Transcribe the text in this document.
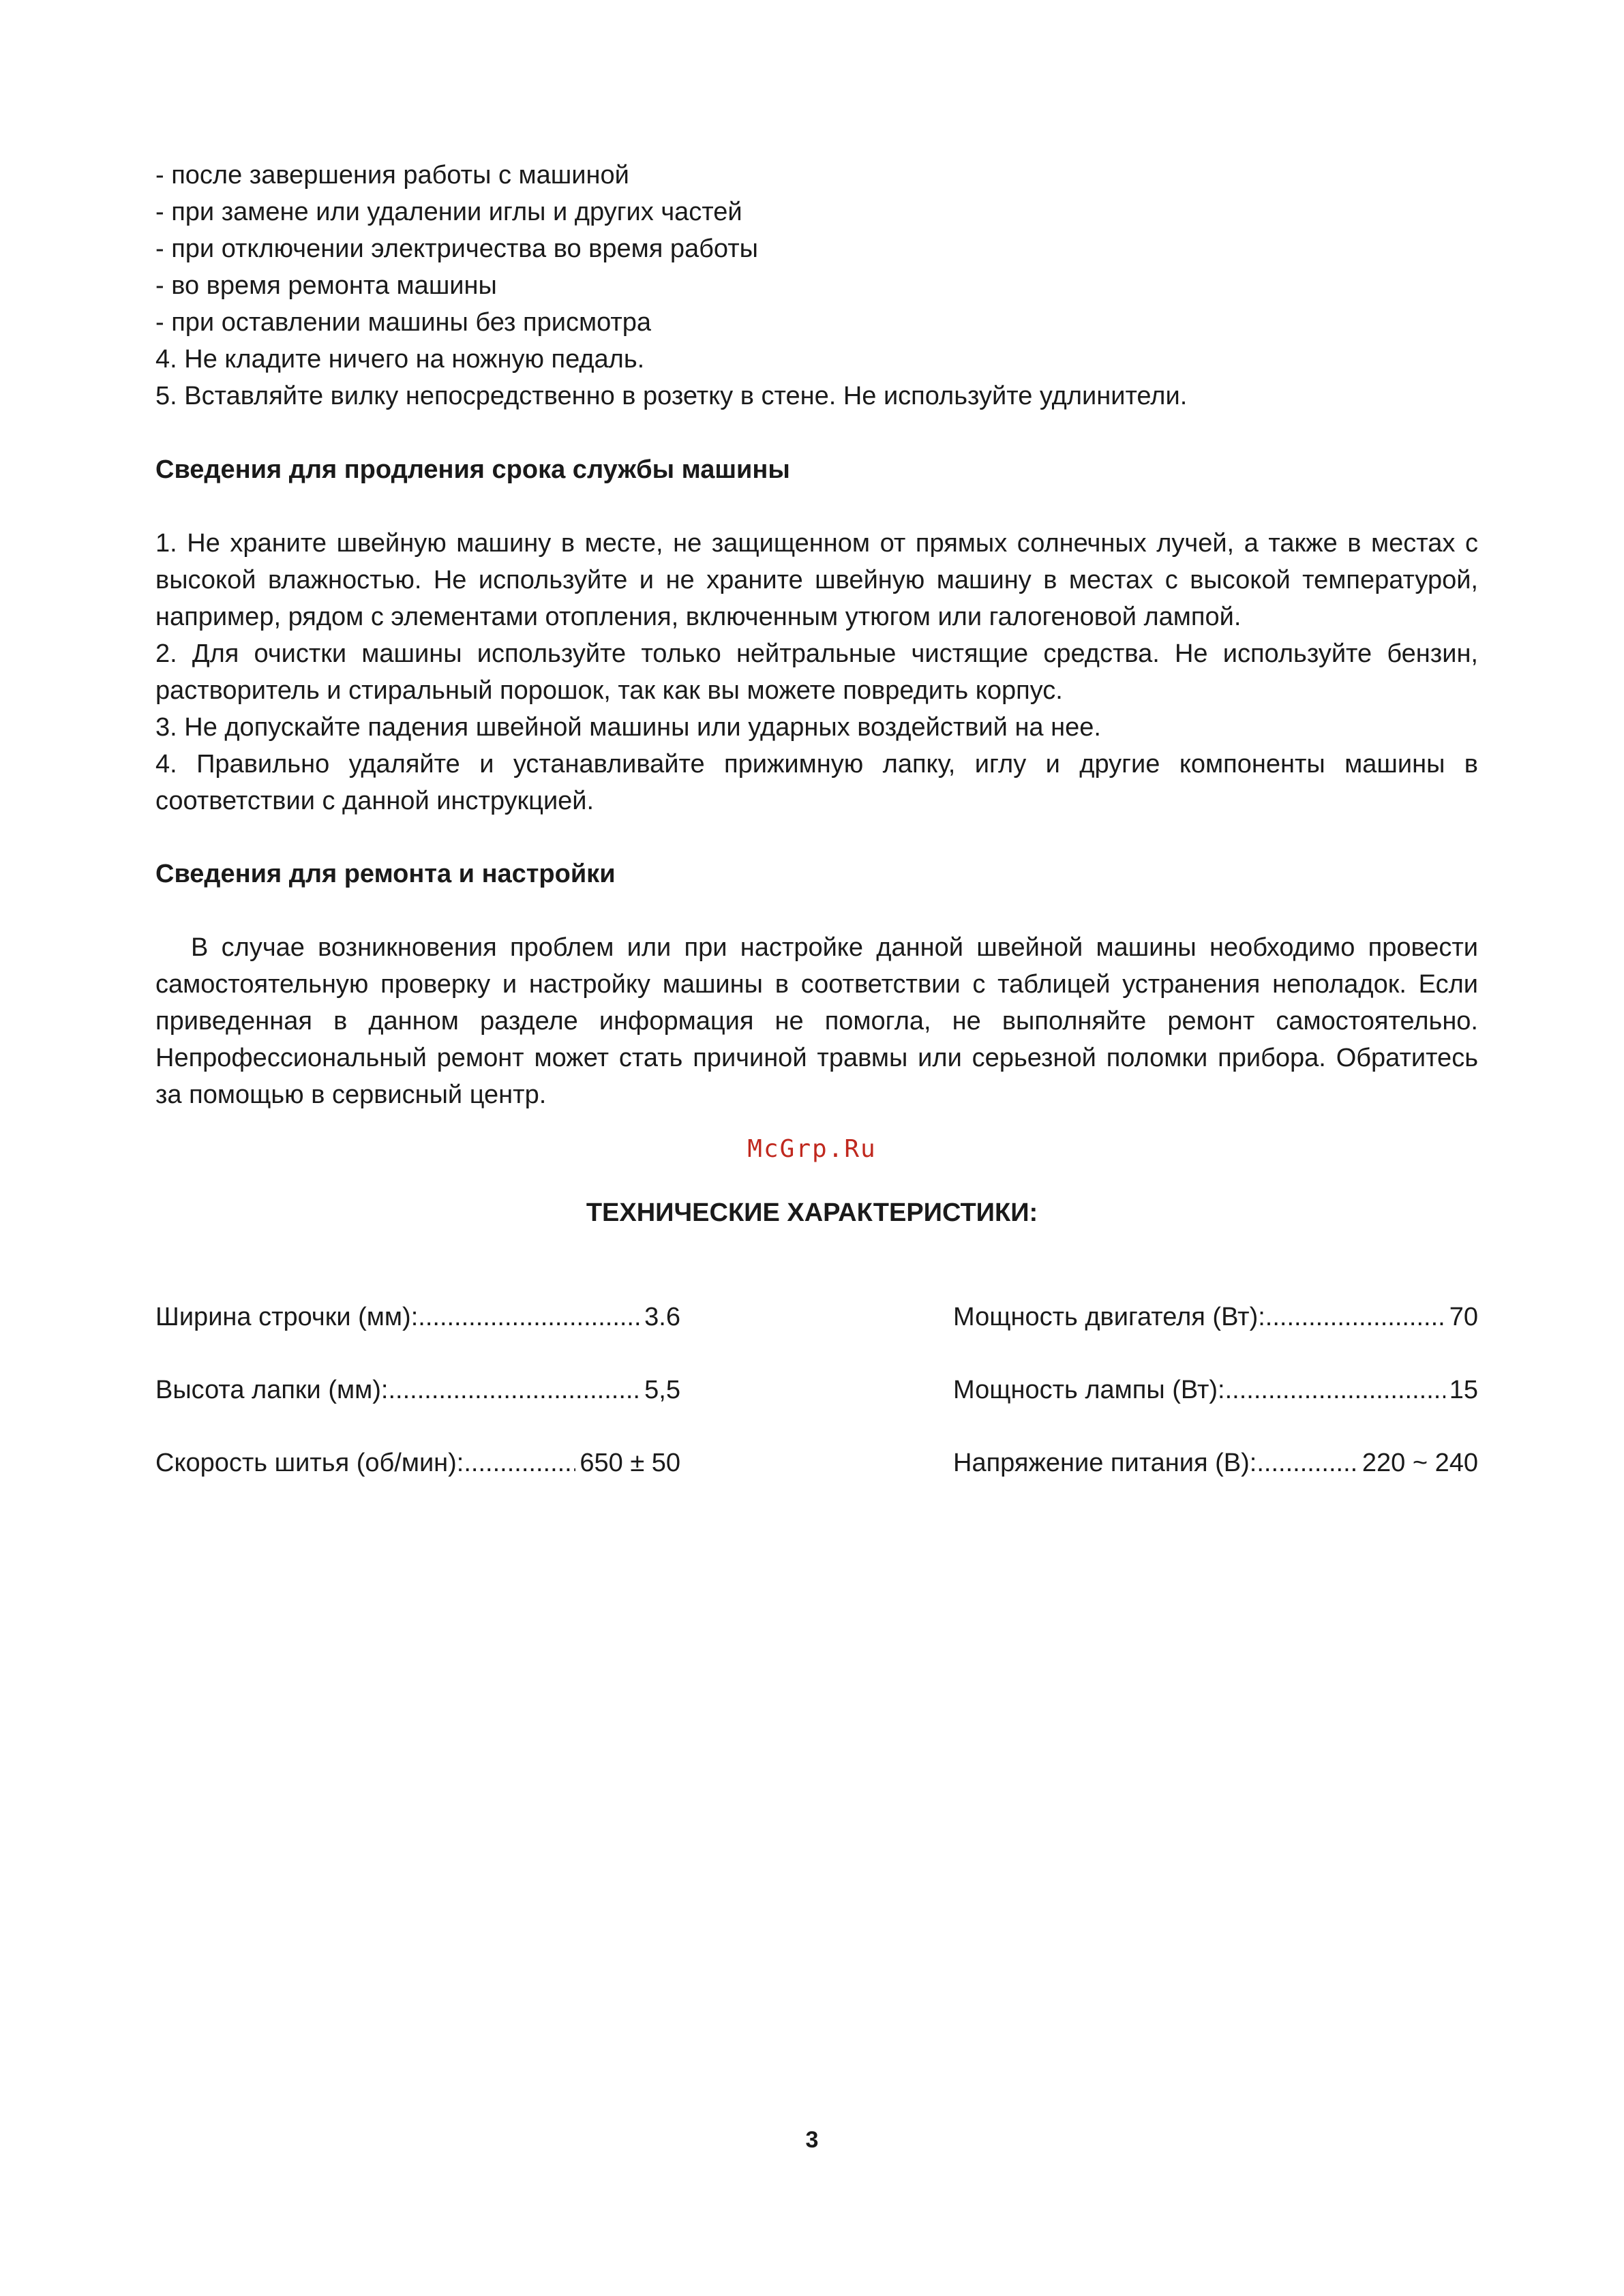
- после завершения работы с машиной
- при замене или удалении иглы и других частей
- при отключении электричества во время работы
- во время ремонта машины
- при оставлении машины без присмотра
4. Не кладите ничего на ножную педаль.
5. Вставляйте вилку непосредственно в розетку в стене. Не используйте удлинители.
Сведения для продления срока службы машины
1. Не храните швейную машину в месте, не защищенном от прямых солнечных лучей, а также в местах с высокой влажностью. Не используйте и не храните швейную машину в местах с высокой температурой, например, рядом с элементами отопления, включенным утюгом или галогеновой лампой.
2. Для очистки машины используйте только нейтральные чистящие средства. Не используйте бензин, растворитель и стиральный порошок, так как вы можете повредить корпус.
3. Не допускайте падения швейной машины или ударных воздействий на нее.
4. Правильно удаляйте и устанавливайте прижимную лапку, иглу и другие компоненты машины в соответствии с данной инструкцией.
Сведения для ремонта и настройки
В случае возникновения проблем или при настройке данной швейной машины необходимо провести самостоятельную проверку и настройку машины в соответствии с таблицей устранения неполадок. Если приведенная в данном разделе информация не помогла, не выполняйте ремонт самостоятельно. Непрофессиональный ремонт может стать причиной травмы или серьезной поломки прибора. Обратитесь за помощью в сервисный центр.
McGrp.Ru
ТЕХНИЧЕСКИЕ ХАРАКТЕРИСТИКИ:
Ширина строчки (мм): .....	3.6
Высота лапки (мм): .....	5,5
Скорость шитья (об/мин): .....	650 ± 50
Мощность двигателя (Вт): .....	70
Мощность лампы (Вт): .....	15
Напряжение питания (В): .....	220 ~ 240
3
